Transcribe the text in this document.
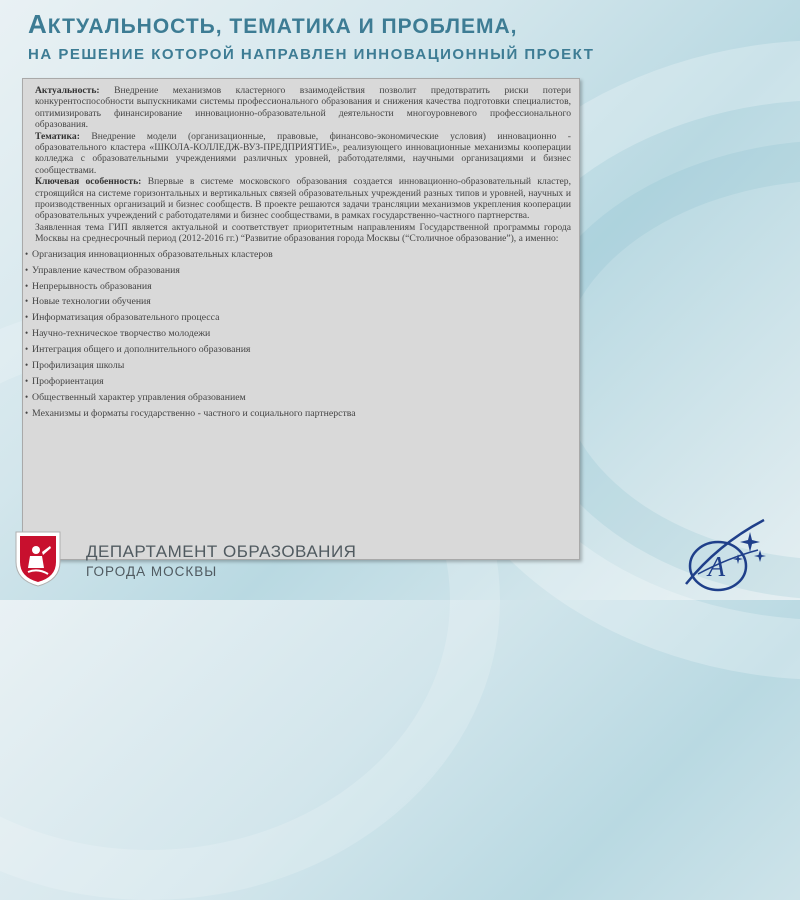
АКТУАЛЬНОСТЬ, ТЕМАТИКА И ПРОБЛЕМА,

НА РЕШЕНИЕ КОТОРОЙ НАПРАВЛЕН ИННОВАЦИОННЫЙ ПРОЕКТ

Актуальность: Внедрение механизмов кластерного взаимодействия позволит предотвратить риски потери конкурентоспособности выпускниками системы профессионального образования и снижения качества подготовки специалистов, оптимизировать финансирование инновационно-образовательной деятельности многоуровневого профессионального образования.

Тематика: Внедрение модели (организационные, правовые, финансово-экономические условия) инновационно - образовательного кластера «ШКОЛА-КОЛЛЕДЖ-ВУЗ-ПРЕДПРИЯТИЕ», реализующего инновационные механизмы кооперации колледжа с образовательными учреждениями различных уровней, работодателями, научными организациями и бизнес сообществами.

Ключевая особенность: Впервые в системе московского образования создается инновационно-образовательный кластер, строящийся на системе горизонтальных и вертикальных связей образовательных учреждений разных типов и уровней, научных и производственных организаций и бизнес сообществ. В проекте решаются задачи трансляции механизмов укрепления кооперации образовательных учреждений с работодателями и бизнес сообществами, в рамках государственно-частного партнерства.

Заявленная тема ГИП является актуальной и соответствует приоритетным направлениям Государственной программы города Москвы на среднесрочный период (2012-2016 гг.) “Развитие образования города Москвы (“Столичное образование”), а именно:

• Организация инновационных образовательных кластеров
• Управление качеством образования
• Непрерывность образования
• Новые технологии обучения
• Информатизация образовательного процесса
• Научно-техническое творчество молодежи
• Интеграция общего и дополнительного образования
• Профилизация школы
• Профориентация
• Общественный характер управления образованием
• Механизмы и форматы государственно - частного и социального партнерства
ДЕПАРТАМЕНТ ОБРАЗОВАНИЯ
ГОРОДА МОСКВЫ	А
